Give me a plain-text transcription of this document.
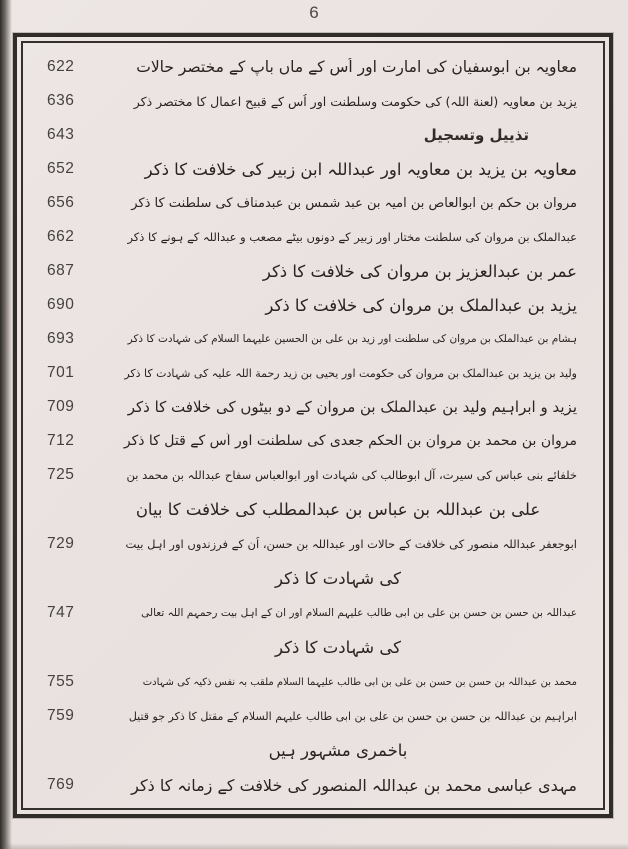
6
622	معاویہ بن ابوسفیان کی امارت اور اُس کے ماں باپ کے مختصر حالات
636	یزید بن معاویہ (لعنة اللہ) کی حکومت وسلطنت اور اُس کے قبیح اعمال کا مختصر ذکر
643	تذييل وتسجيل
652	معاویہ بن یزید بن معاویہ اور عبداللہ ابن زبیر کی خلافت کا ذکر
656	مروان بن حکم بن ابوالعاص بن اُمیہ بن عبد شمس بن عبدمناف کی سلطنت کا ذکر
662	عبدالملک بن مروان کی سلطنت مختار اور زبیر کے دونوں بیٹے مصعب و عبداللہ کے ہونے کا ذکر
687	عمر بن عبدالعزیز بن مروان کی خلافت کا ذکر
690	یزید بن عبدالملک بن مروان کی خلافت کا ذکر
693	ہشام بن عبدالملک بن مروان کی سلطنت اور زید بن علی بن الحسین علیہما السلام کی شہادت کا ذکر
701	ولید بن یزید بن عبدالملک بن مروان کی حکومت اور یحیی بن زید رحمة اللہ علیہ کی شہادت کا ذکر
709	یزید و ابراہیم ولید بن عبدالملک بن مروان کے دو بیٹوں کی خلافت کا ذکر
712	مروان بن محمد بن مروان بن الحکم جعدی کی سلطنت اور اُس کے قتل کا ذکر
725	خلفائے بنی عباس کی سیرت، آلِ ابوطالب کی شہادت اور ابوالعباس سفاح عبداللہ بن محمد بن
علی بن عبداللہ بن عباس بن عبدالمطلب کی خلافت کا بیان
729	ابوجعفر عبداللہ منصور کی خلافت کے حالات اور عبداللہ بن حسن، اُن کے فرزندوں اور اہلِ بیت
کی شہادت کا ذکر
747	عبداللہ بن حسن بن حسن بن علی بن ابی طالب علیہم السلام اور اُن کے اہلِ بیت رحمہم اللہ تعالی
کی شہادت کا ذکر
755	محمد بن عبداللہ بن حسن بن حسن بن علی بن ابی طالب علیہما السلام ملقب بہ نفسِ ذکیہ کی شہادت
759	ابراہیم بن عبداللہ بن حسن بن حسن بن علی بن ابی طالب علیہم السلام کے مقتل کا ذکر جو قتیل
باخمری مشہور ہیں
769	مہدی عباسی محمد بن عبداللہ المنصور کی خلافت کے زمانہ کا ذکر
